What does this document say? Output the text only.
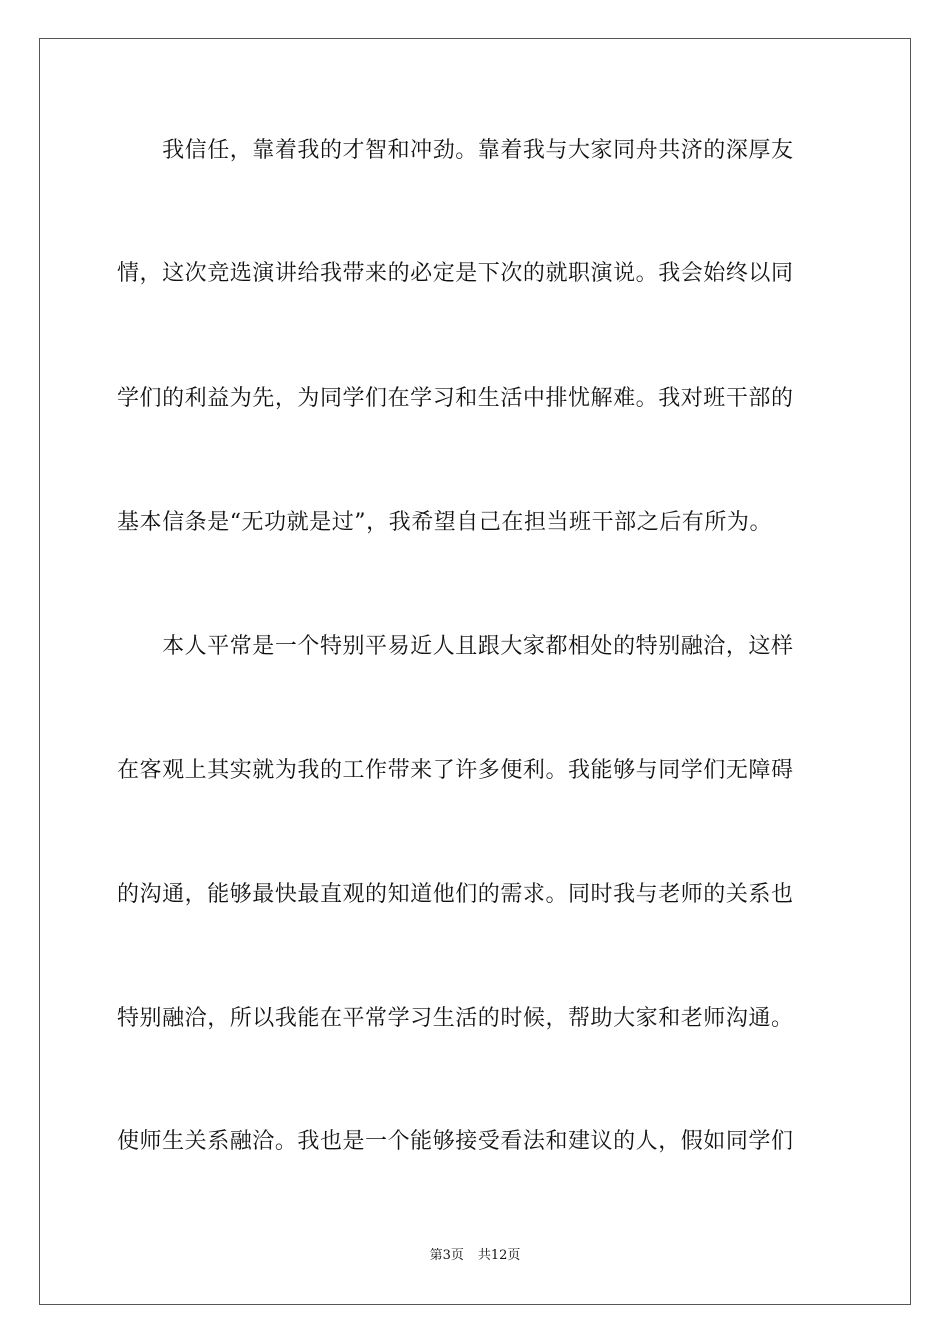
　　我信任，靠着我的才智和冲劲。靠着我与大家同舟共济的深厚友
情，这次竞选演讲给我带来的必定是下次的就职演说。我会始终以同
学们的利益为先，为同学们在学习和生活中排忧解难。我对班干部的
基本信条是“无功就是过”，我希望自己在担当班干部之后有所为。
　　本人平常是一个特别平易近人且跟大家都相处的特别融洽，这样
在客观上其实就为我的工作带来了许多便利。我能够与同学们无障碍
的沟通，能够最快最直观的知道他们的需求。同时我与老师的关系也
特别融洽，所以我能在平常学习生活的时候，帮助大家和老师沟通。
使师生关系融洽。我也是一个能够接受看法和建议的人，假如同学们
第3页 共12页
